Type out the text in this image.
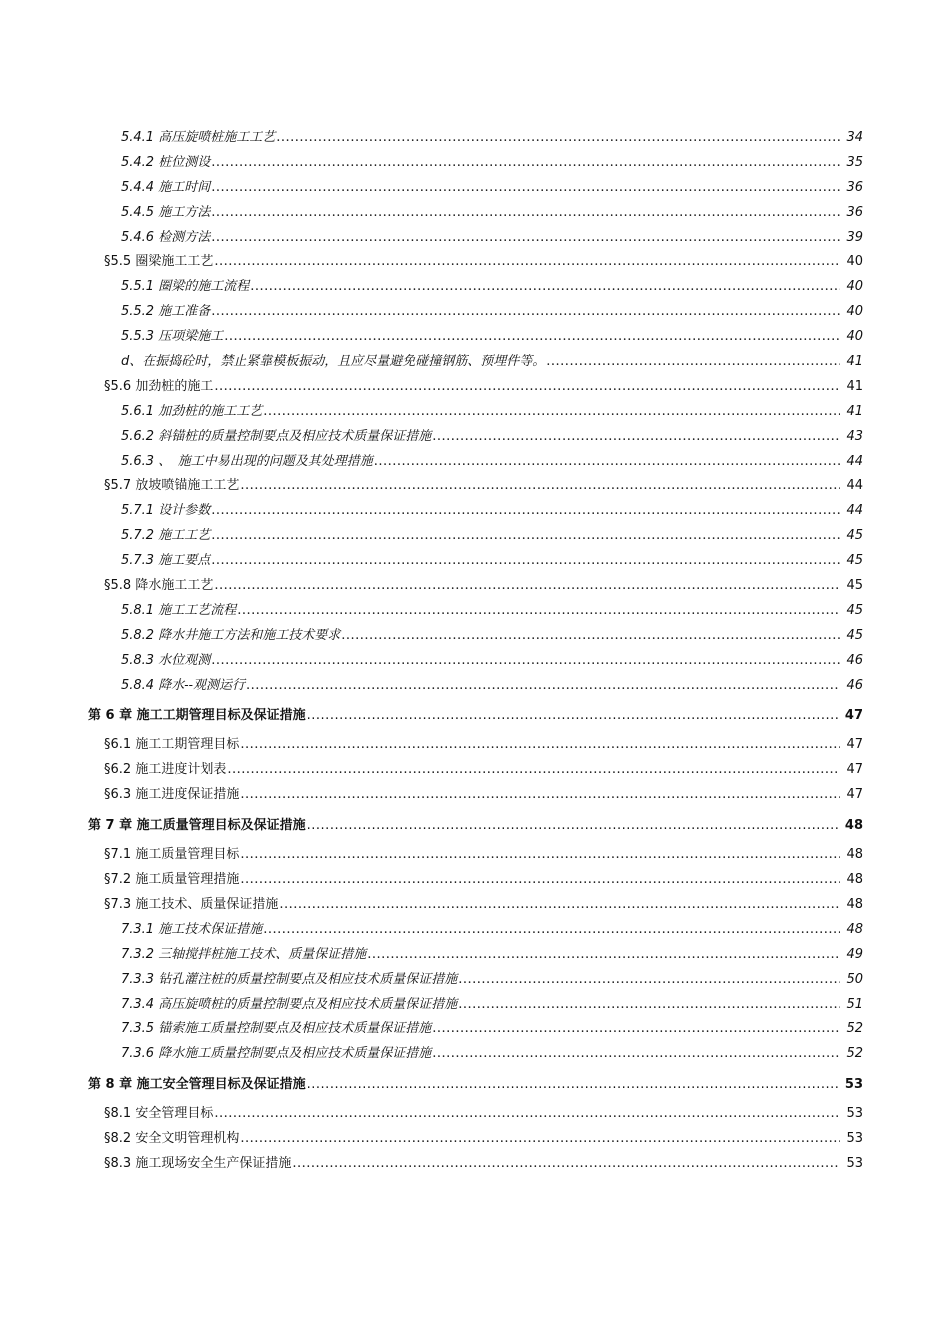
5.4.1 高压旋喷桩施工工艺 .....	34
5.4.2 桩位测设 .....	35
5.4.4 施工时间 .....	36
5.4.5 施工方法 .....	36
5.4.6 检测方法 .....	39
§5.5 圈梁施工工艺 .....	40
5.5.1 圈梁的施工流程 .....	40
5.5.2 施工准备 .....	40
5.5.3 压项梁施工 .....	40
d、在振捣砼时，禁止紧靠模板振动，且应尽量避免碰撞钢筋、预埋件等。 .....	41
§5.6 加劲桩的施工 .....	41
5.6.1 加劲桩的施工工艺 .....	41
5.6.2 斜锚桩的质量控制要点及相应技术质量保证措施 .....	43
5.6.3 、　施工中易出现的问题及其处理措施 .....	44
§5.7 放坡喷锚施工工艺 .....	44
5.7.1 设计参数 .....	44
5.7.2 施工工艺 .....	45
5.7.3 施工要点 .....	45
§5.8 降水施工工艺 .....	45
5.8.1 施工工艺流程 .....	45
5.8.2 降水井施工方法和施工技术要求 .....	45
5.8.3 水位观测 .....	46
5.8.4 降水--观测运行 .....	46
第 6 章 施工工期管理目标及保证措施 .....	47
§6.1 施工工期管理目标 .....	47
§6.2 施工进度计划表 .....	47
§6.3 施工进度保证措施 .....	47
第 7 章 施工质量管理目标及保证措施 .....	48
§7.1 施工质量管理目标 .....	48
§7.2 施工质量管理措施 .....	48
§7.3 施工技术、质量保证措施 .....	48
7.3.1 施工技术保证措施 .....	48
7.3.2 三轴搅拌桩施工技术、质量保证措施 .....	49
7.3.3 钻孔灌注桩的质量控制要点及相应技术质量保证措施 .....	50
7.3.4 高压旋喷桩的质量控制要点及相应技术质量保证措施 .....	51
7.3.5 锚索施工质量控制要点及相应技术质量保证措施 .....	52
7.3.6 降水施工质量控制要点及相应技术质量保证措施 .....	52
第 8 章 施工安全管理目标及保证措施 .....	53
§8.1 安全管理目标 .....	53
§8.2 安全文明管理机构 .....	53
§8.3 施工现场安全生产保证措施 .....	53
